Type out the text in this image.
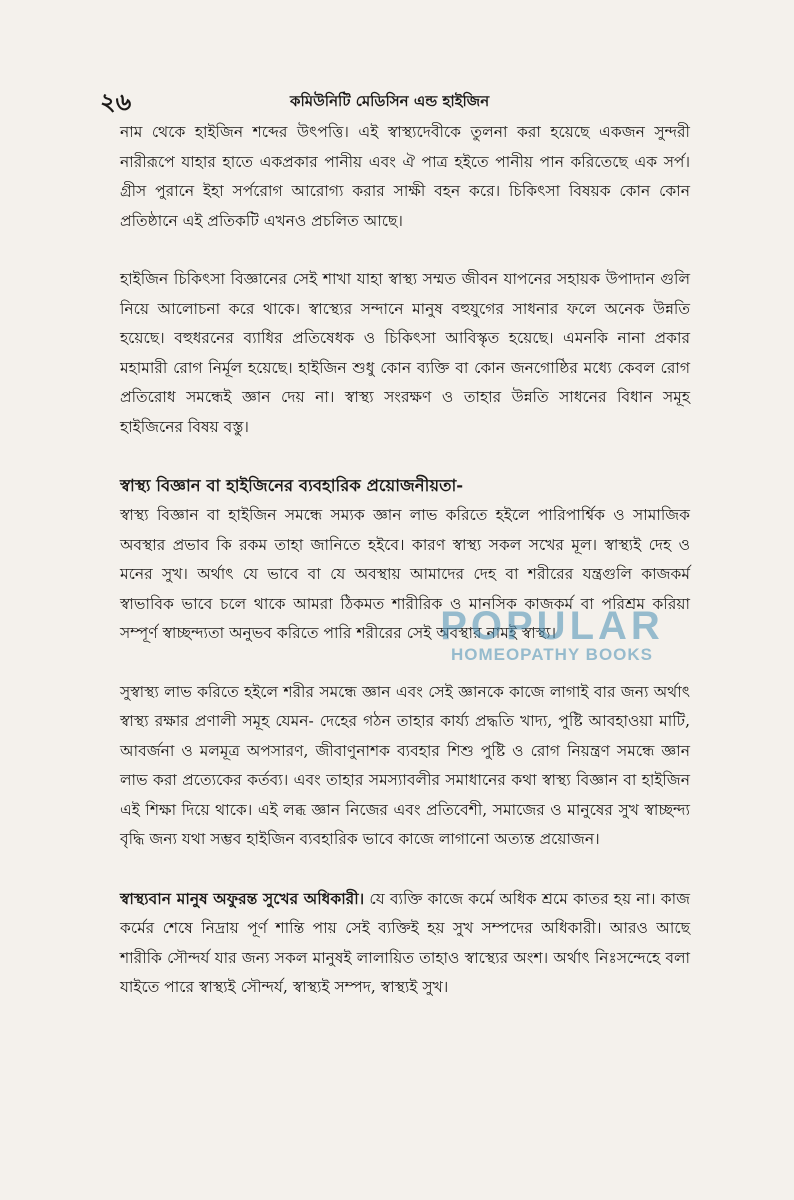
২৬	কমিউনিটি মেডিসিন এন্ড হাইজিন

নাম থেকে হাইজিন শব্দের উৎপত্তি। এই স্বাস্থ্যদেবীকে তুলনা করা হয়েছে একজন সুন্দরী নারীরূপে যাহার হাতে একপ্রকার পানীয় এবং ঐ পাত্র হইতে পানীয় পান করিতেছে এক সর্প। গ্রীস পুরানে ইহা সর্পরোগ আরোগ্য করার সাক্ষী বহন করে। চিকিৎসা বিষয়ক কোন কোন প্রতিষ্ঠানে এই প্রতিকটি এখনও প্রচলিত আছে।

হাইজিন চিকিৎসা বিজ্ঞানের সেই শাখা যাহা স্বাস্থ্য সম্মত জীবন যাপনের সহায়ক উপাদান গুলি নিয়ে আলোচনা করে থাকে। স্বাস্থ্যের সন্দানে মানুষ বহুযুগের সাধনার ফলে অনেক উন্নতি হয়েছে। বহুধরনের ব্যাধির প্রতিষেধক ও চিকিৎসা আবিস্কৃত হয়েছে। এমনকি নানা প্রকার মহামারী রোগ নির্মূল হয়েছে। হাইজিন শুধু কোন ব্যক্তি বা কোন জনগোষ্ঠির মধ্যে কেবল রোগ প্রতিরোধ সমন্ধেই জ্ঞান দেয় না। স্বাস্থ্য সংরক্ষণ ও তাহার উন্নতি সাধনের বিধান সমূহ হাইজিনের বিষয় বস্তু।

স্বাস্থ্য বিজ্ঞান বা হাইজিনের ব্যবহারিক প্রয়োজনীয়তা-

স্বাস্থ্য বিজ্ঞান বা হাইজিন সমন্ধে সম্যক জ্ঞান লাভ করিতে হইলে পারিপার্শ্বিক ও সামাজিক অবস্থার প্রভাব কি রকম তাহা জানিতে হইবে। কারণ স্বাস্থ্য সকল সখের মূল। স্বাস্থ্যই দেহ ও মনের সুখ। অর্থাৎ যে ভাবে বা যে অবস্থায় আমাদের দেহ বা শরীরের যন্ত্রগুলি কাজকর্ম স্বাভাবিক ভাবে চলে থাকে আমরা ঠিকমত শারীরিক ও মানসিক কাজকর্ম বা পরিশ্রম করিয়া সম্পূর্ণ স্বাচ্ছন্দ্যতা অনুভব করিতে পারি শরীরের সেই অবস্থার নামই স্বাস্থ্য।

সুস্বাস্থ্য লাভ করিতে হইলে শরীর সমন্ধে জ্ঞান এবং সেই জ্ঞানকে কাজে লাগাই বার জন্য অর্থাৎ স্বাস্থ্য রক্ষার প্রণালী সমূহ যেমন- দেহের গঠন তাহার কার্য্য প্রদ্ধতি খাদ্য, পুষ্টি আবহাওয়া মাটি, আবর্জনা ও মলমূত্র অপসারণ, জীবাণুনাশক ব্যবহার শিশু পুষ্টি ও রোগ নিয়ন্ত্রণ সমন্ধে জ্ঞান লাভ করা প্রত্যেকের কর্তব্য। এবং তাহার সমস্যাবলীর সমাধানের কথা স্বাস্থ্য বিজ্ঞান বা হাইজিন এই শিক্ষা দিয়ে থাকে। এই লব্ধ জ্ঞান নিজের এবং প্রতিবেশী, সমাজের ও মানুষের সুখ স্বাচ্ছন্দ্য বৃদ্ধি জন্য যথা সম্ভব হাইজিন ব্যবহারিক ভাবে কাজে লাগানো অত্যন্ত প্রয়োজন।

স্বাস্থ্যবান মানুষ অফুরন্ত সুখের অধিকারী। যে ব্যক্তি কাজে কর্মে অধিক শ্রমে কাতর হয় না। কাজ কর্মের শেষে নিদ্রায় পূর্ণ শান্তি পায় সেই ব্যক্তিই হয় সুখ সম্পদের অধিকারী। আরও আছে শারীকি সৌন্দর্য যার জন্য সকল মানুষই লালায়িত তাহাও স্বাস্থ্যের অংশ। অর্থাৎ নিঃসন্দেহে বলা যাইতে পারে স্বাস্থ্যই সৌন্দর্য, স্বাস্থ্যই সম্পদ, স্বাস্থ্যই সুখ।

POPULAR
HOMEOPATHY BOOKS
